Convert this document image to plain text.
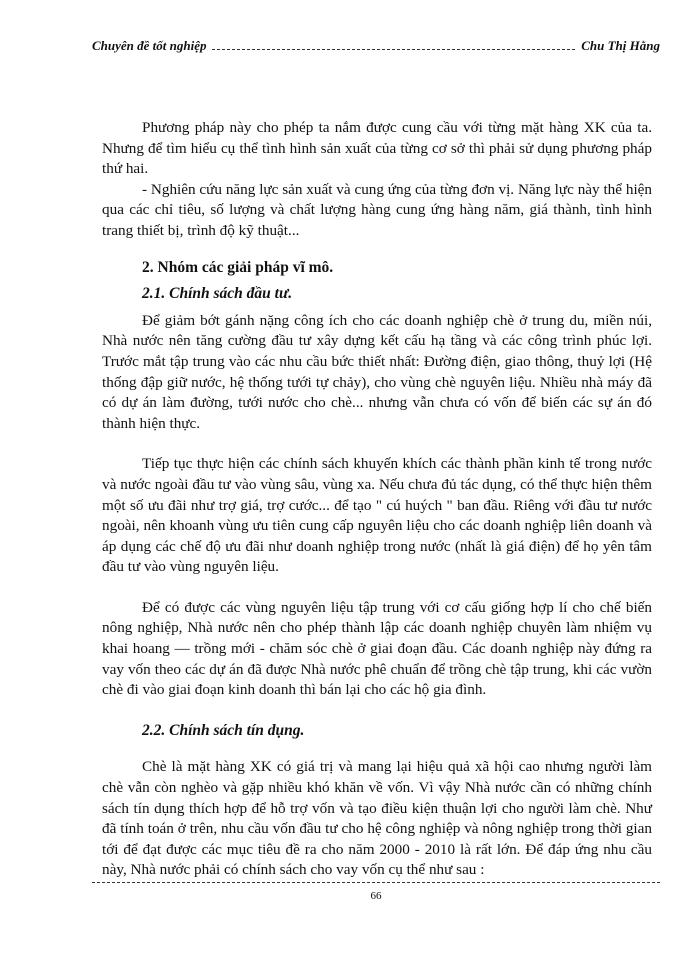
Chuyên đề tốt nghiệp	Chu Thị Hằng

Phương pháp này cho phép ta nắm được cung cầu với từng mặt hàng XK của ta. Nhưng để tìm hiểu cụ thể tình hình sản xuất của từng cơ sở thì phải sử dụng phương pháp thứ hai.

- Nghiên cứu năng lực sản xuất và cung ứng của từng đơn vị. Năng lực này thể hiện qua các chỉ tiêu, số lượng và chất lượng hàng cung ứng hàng năm, giá thành, tình hình trang thiết bị, trình độ kỹ thuật...

2. Nhóm các giải pháp vĩ mô.

2.1. Chính sách đầu tư.

Để giảm bớt gánh nặng công ích cho các doanh nghiệp chè ở trung du, miền núi, Nhà nước nên tăng cường đầu tư xây dựng kết cấu hạ tầng và các công trình phúc lợi. Trước mắt tập trung vào các nhu cầu bức thiết nhất: Đường điện, giao thông, thuỷ lợi (Hệ thống đập giữ nước, hệ thống tưới tự chảy), cho vùng chè nguyên liệu. Nhiều nhà máy đã có dự án làm đường, tưới nước cho chè... nhưng vẫn chưa có vốn để biến các sự án đó thành hiện thực.

Tiếp tục thực hiện các chính sách khuyến khích các thành phần kinh tế trong nước và nước ngoài đầu tư vào vùng sâu, vùng xa. Nếu chưa đủ tác dụng, có thể thực hiện thêm một số ưu đãi như trợ giá, trợ cước... để tạo " cú huých " ban đầu. Riêng với đầu tư nước ngoài, nên khoanh vùng ưu tiên cung cấp nguyên liệu cho các doanh nghiệp liên doanh và áp dụng các chế độ ưu đãi như doanh nghiệp trong nước (nhất là giá điện) để họ yên tâm đầu tư vào vùng nguyên liệu.

Để có được các vùng nguyên liệu tập trung với cơ cấu giống hợp lí cho chế biến nông nghiệp, Nhà nước nên cho phép thành lập các doanh nghiệp chuyên làm nhiệm vụ khai hoang — trồng mới - chăm sóc chè ở giai đoạn đầu. Các doanh nghiệp này đứng ra vay vốn theo các dự án đã được Nhà nước phê chuẩn để trồng chè tập trung, khi các vườn chè đi vào giai đoạn kinh doanh thì bán lại cho các hộ gia đình.

2.2. Chính sách tín dụng.

Chè là mặt hàng XK có giá trị và mang lại hiệu quả xã hội cao nhưng người làm chè vẫn còn nghèo và gặp nhiều khó khăn về vốn. Vì vậy Nhà nước cần có những chính sách tín dụng thích hợp để hỗ trợ vốn và tạo điều kiện thuận lợi cho người làm chè. Như đã tính toán ở trên, nhu cầu vốn đầu tư cho hệ công nghiệp và nông nghiệp trong thời gian tới để đạt được các mục tiêu đề ra cho năm 2000 - 2010 là rất lớn. Để đáp ứng nhu cầu này, Nhà nước phải có chính sách cho vay vốn cụ thể như sau :

66
